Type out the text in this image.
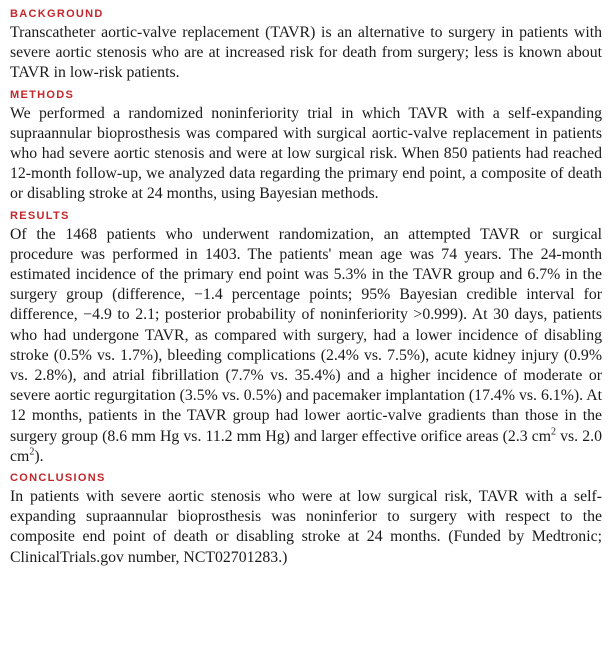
BACKGROUND

Transcatheter aortic-valve replacement (TAVR) is an alternative to surgery in patients with severe aortic stenosis who are at increased risk for death from surgery; less is known about TAVR in low-risk patients.

METHODS

We performed a randomized noninferiority trial in which TAVR with a self-expanding supraannular bioprosthesis was compared with surgical aortic-valve replacement in patients who had severe aortic stenosis and were at low surgical risk. When 850 patients had reached 12-month follow-up, we analyzed data regarding the primary end point, a composite of death or disabling stroke at 24 months, using Bayesian methods.

RESULTS

Of the 1468 patients who underwent randomization, an attempted TAVR or surgical procedure was performed in 1403. The patients' mean age was 74 years. The 24-month estimated incidence of the primary end point was 5.3% in the TAVR group and 6.7% in the surgery group (difference, −1.4 percentage points; 95% Bayesian credible interval for difference, −4.9 to 2.1; posterior probability of noninferiority >0.999). At 30 days, patients who had undergone TAVR, as compared with surgery, had a lower incidence of disabling stroke (0.5% vs. 1.7%), bleeding complications (2.4% vs. 7.5%), acute kidney injury (0.9% vs. 2.8%), and atrial fibrillation (7.7% vs. 35.4%) and a higher incidence of moderate or severe aortic regurgitation (3.5% vs. 0.5%) and pacemaker implantation (17.4% vs. 6.1%). At 12 months, patients in the TAVR group had lower aortic-valve gradients than those in the surgery group (8.6 mm Hg vs. 11.2 mm Hg) and larger effective orifice areas (2.3 $cm^2$ vs. 2.0 $cm^2$).

CONCLUSIONS

In patients with severe aortic stenosis who were at low surgical risk, TAVR with a self-expanding supraannular bioprosthesis was noninferior to surgery with respect to the composite end point of death or disabling stroke at 24 months. (Funded by Medtronic; ClinicalTrials.gov number, NCT02701283.)
